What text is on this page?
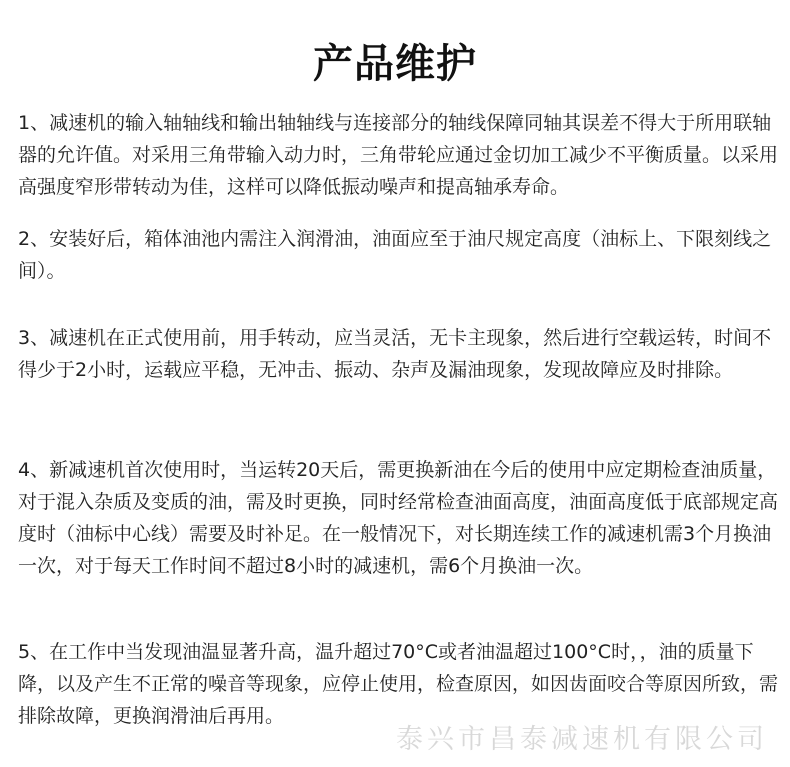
产品维护
1、减速机的输入轴轴线和输出轴轴线与连接部分的轴线保障同轴其误差不得大于所用联轴器的允许值。对采用三角带输入动力时，三角带轮应通过金切加工减少不平衡质量。以采用高强度窄形带转动为佳，这样可以降低振动噪声和提高轴承寿命。
2、安装好后，箱体油池内需注入润滑油，油面应至于油尺规定高度（油标上、下限刻线之间）。
3、减速机在正式使用前，用手转动，应当灵活，无卡主现象，然后进行空载运转，时间不得少于2小时，运载应平稳，无冲击、振动、杂声及漏油现象，发现故障应及时排除。
4、新减速机首次使用时，当运转20天后，需更换新油在今后的使用中应定期检查油质量，对于混入杂质及变质的油，需及时更换，同时经常检查油面高度，油面高度低于底部规定高度时（油标中心线）需要及时补足。在一般情况下，对长期连续工作的减速机需3个月换油一次，对于每天工作时间不超过8小时的减速机，需6个月换油一次。
5、在工作中当发现油温显著升高，温升超过70°C或者油温超过100°C时，，油的质量下降，以及产生不正常的噪音等现象，应停止使用，检查原因，如因齿面咬合等原因所致，需排除故障，更换润滑油后再用。
泰兴市昌泰减速机有限公司
